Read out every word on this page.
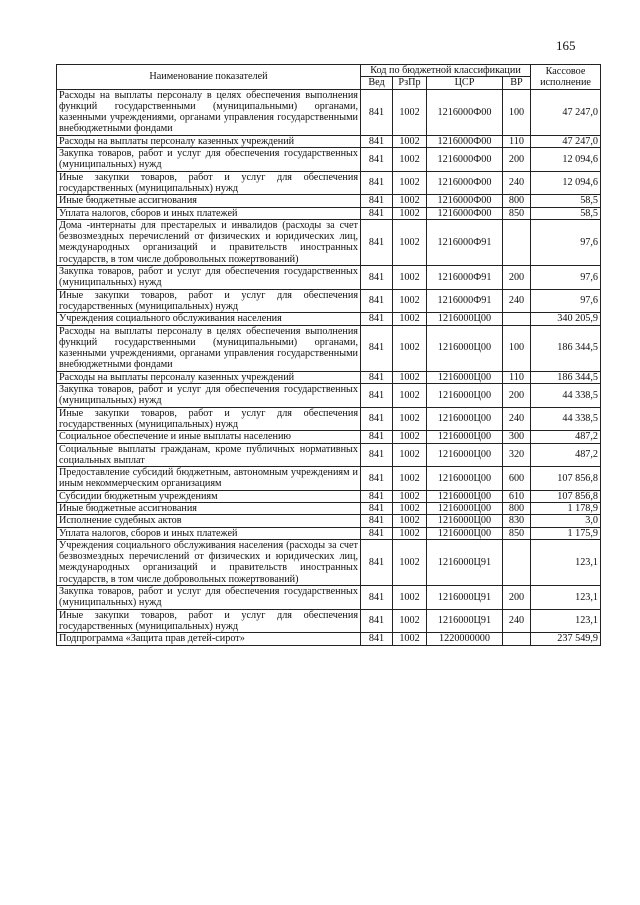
165
Наименование показателей	Код по бюджетной классификации				Кассовое исполнение
	Вед	РзПр	ЦСР	ВР	
Расходы на выплаты персоналу в целях обеспечения выполнения функций государственными (муниципальными) органами, казенными учреждениями, органами управления государственными внебюджетными фондами	841	1002	1216000Ф00	100	47 247,0
Расходы на выплаты персоналу казенных учреждений	841	1002	1216000Ф00	110	47 247,0
Закупка товаров, работ и услуг для обеспечения государственных (муниципальных) нужд	841	1002	1216000Ф00	200	12 094,6
Иные закупки товаров, работ и услуг для обеспечения государственных (муниципальных) нужд	841	1002	1216000Ф00	240	12 094,6
Иные бюджетные ассигнования	841	1002	1216000Ф00	800	58,5
Уплата налогов, сборов и иных платежей	841	1002	1216000Ф00	850	58,5
Дома -интернаты для престарелых и инвалидов (расходы за счет безвозмездных перечислений от физических и юридических лиц, международных организаций и правительств иностранных государств, в том числе добровольных пожертвований)	841	1002	1216000Ф91		97,6
Закупка товаров, работ и услуг для обеспечения государственных (муниципальных) нужд	841	1002	1216000Ф91	200	97,6
Иные закупки товаров, работ и услуг для обеспечения государственных (муниципальных) нужд	841	1002	1216000Ф91	240	97,6
Учреждения социального обслуживания населения	841	1002	1216000Ц00		340 205,9
Расходы на выплаты персоналу в целях обеспечения выполнения функций государственными (муниципальными) органами, казенными учреждениями, органами управления государственными внебюджетными фондами	841	1002	1216000Ц00	100	186 344,5
Расходы на выплаты персоналу казенных учреждений	841	1002	1216000Ц00	110	186 344,5
Закупка товаров, работ и услуг для обеспечения государственных (муниципальных) нужд	841	1002	1216000Ц00	200	44 338,5
Иные закупки товаров, работ и услуг для обеспечения государственных (муниципальных) нужд	841	1002	1216000Ц00	240	44 338,5
Социальное обеспечение и иные выплаты населению	841	1002	1216000Ц00	300	487,2
Социальные выплаты гражданам, кроме публичных нормативных социальных выплат	841	1002	1216000Ц00	320	487,2
Предоставление субсидий бюджетным, автономным учреждениям и иным некоммерческим организациям	841	1002	1216000Ц00	600	107 856,8
Субсидии бюджетным учреждениям	841	1002	1216000Ц00	610	107 856,8
Иные бюджетные ассигнования	841	1002	1216000Ц00	800	1 178,9
Исполнение судебных актов	841	1002	1216000Ц00	830	3,0
Уплата налогов, сборов и иных платежей	841	1002	1216000Ц00	850	1 175,9
Учреждения социального обслуживания населения (расходы за счет безвозмездных перечислений от физических и юридических лиц, международных организаций и правительств иностранных государств, в том числе добровольных пожертвований)	841	1002	1216000Ц91		123,1
Закупка товаров, работ и услуг для обеспечения государственных (муниципальных) нужд	841	1002	1216000Ц91	200	123,1
Иные закупки товаров, работ и услуг для обеспечения государственных (муниципальных) нужд	841	1002	1216000Ц91	240	123,1
Подпрограмма «Защита прав детей-сирот»	841	1002	1220000000		237 549,9
